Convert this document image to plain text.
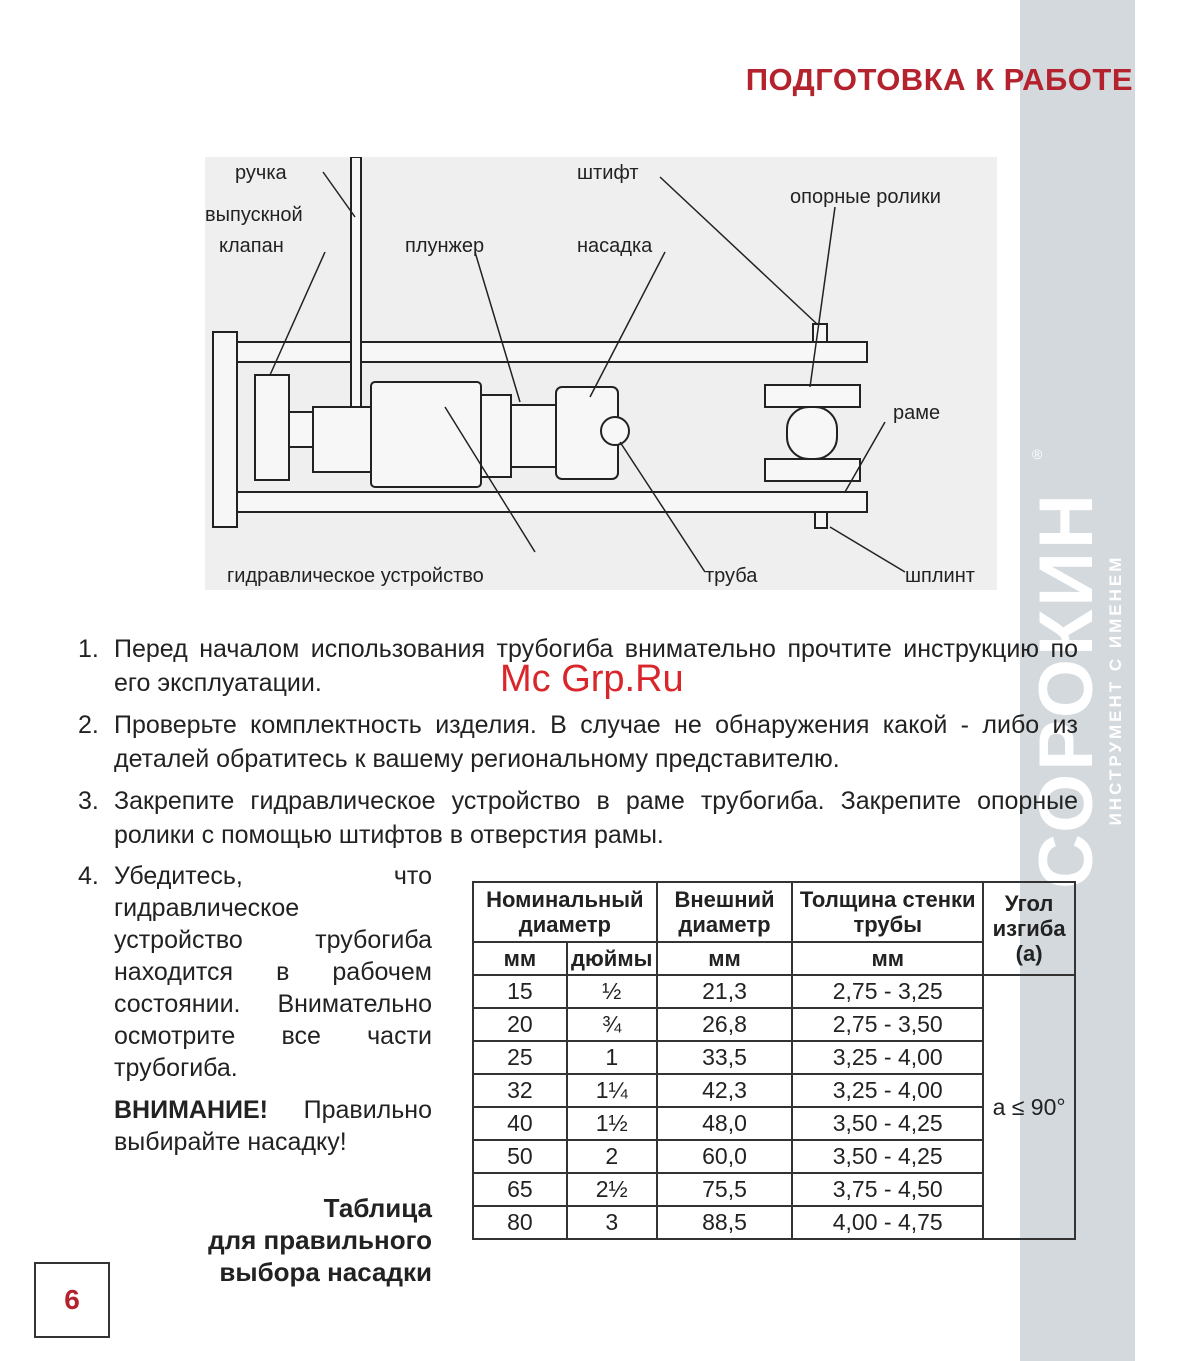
®
СОРОКИН
ИНСТРУМЕНТ С ИМЕНЕМ
ПОДГОТОВКА К РАБОТЕ
ручка
выпускной
клапан	плунжер
штифт
опорные ролики
насадка
раме
гидравлическое устройство	труба	шплинт
1. Перед началом использования трубогиба внимательно прочтите инструкцию по его эксплуатации.
2. Проверьте комплектность изделия. В случае не обнаружения какой - либо из деталей обратитесь к вашему региональному представителю.
3. Закрепите гидравлическое устройство в раме трубогиба. Закрепите опорные ролики с помощью штифтов в отверстия рамы.
Mc Grp.Ru
4. Убедитесь, что гидравлическое устройство трубогиба находится в рабочем состоянии. Внимательно осмотрите все части трубогиба.
ВНИМАНИЕ! Правильно выбирайте насадку!
Таблица
для правильного
выбора насадки
Номинальный диаметр		Внешний диаметр	Толщина стенки трубы	Угол изгиба (а)
мм	дюймы	мм	мм	
15	½	21,3	2,75 - 3,25	а ≤ 90°
20	¾	26,8	2,75 - 3,50	
25	1	33,5	3,25 - 4,00	
32	1¼	42,3	3,25 - 4,00	
40	1½	48,0	3,50 - 4,25	
50	2	60,0	3,50 - 4,25	
65	2½	75,5	3,75 - 4,50	
80	3	88,5	4,00 - 4,75	
6
